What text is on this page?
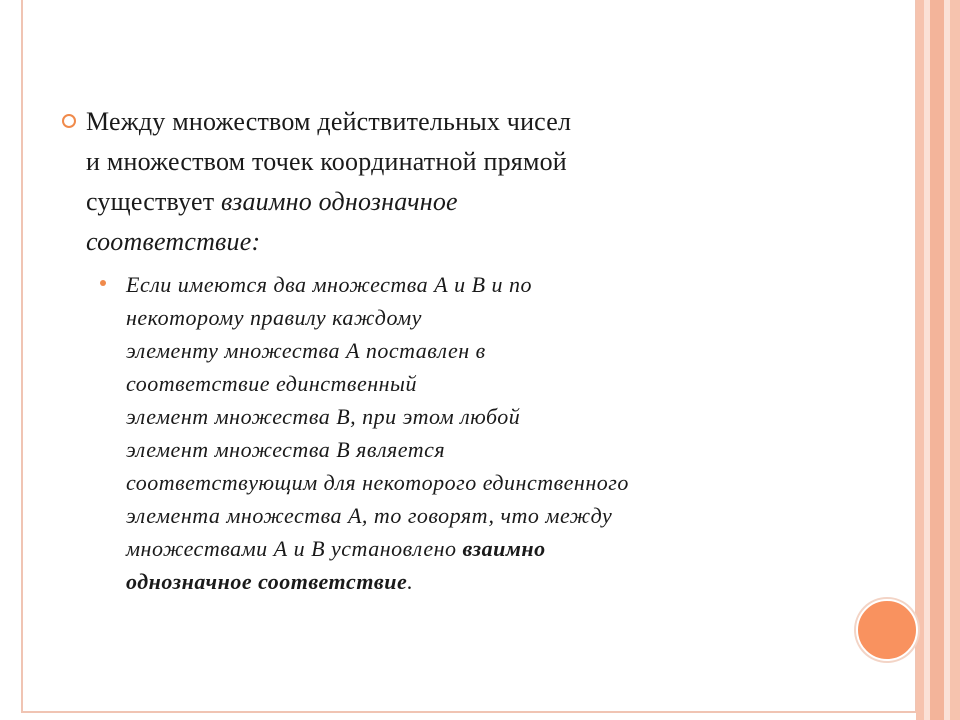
Между множеством действительных чисел
и множеством точек координатной прямой
существует взаимно однозначное
соответствие:
Если имеются два множества А и В и по
некоторому правилу каждому
элементу множества А поставлен в
соответствие единственный
элемент множества В, при этом любой
элемент множества В является
соответствующим для некоторого единственного
элемента множества А, то говорят, что между
множествами А и В установлено взаимно
однозначное соответствие.
